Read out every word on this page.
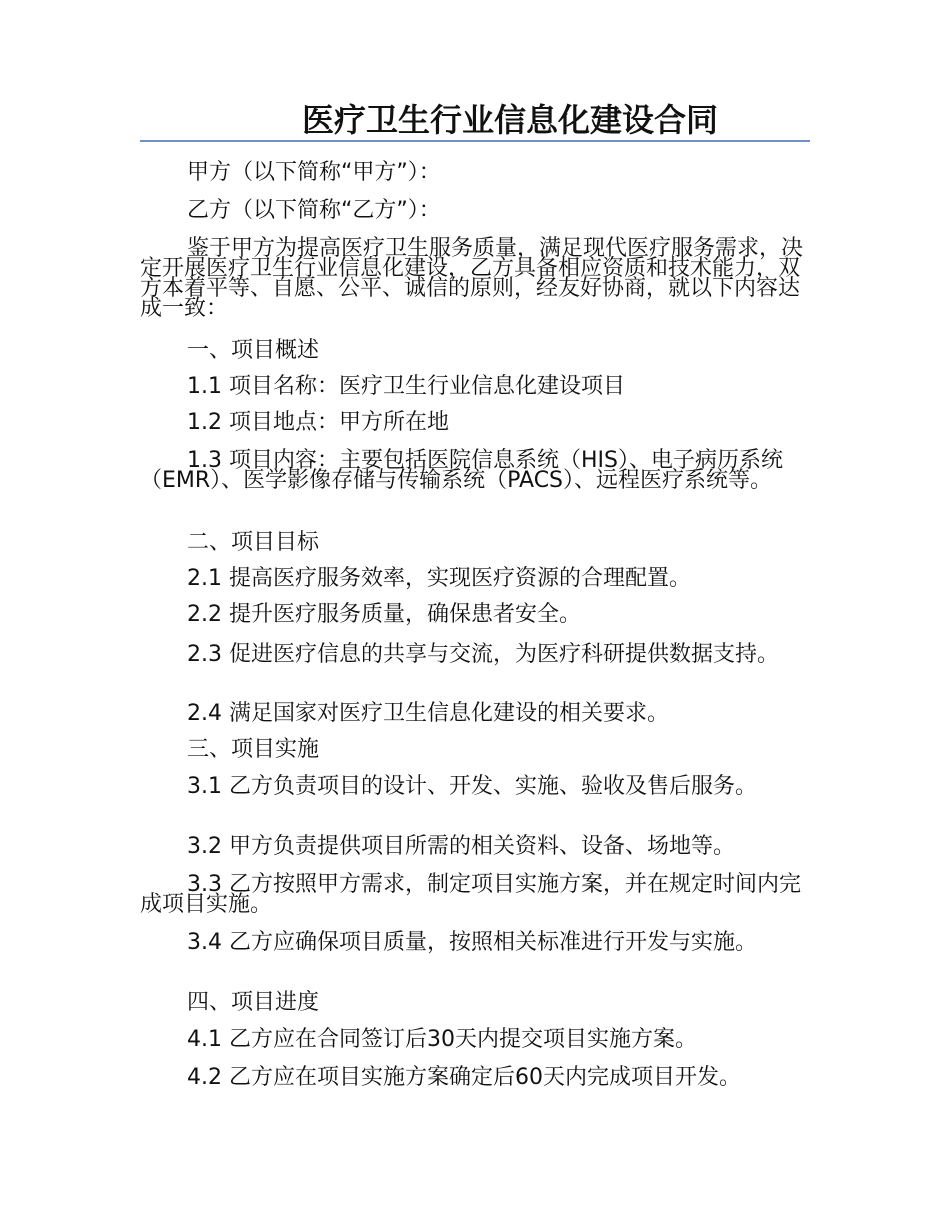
医疗卫生行业信息化建设合同

甲方（以下简称“甲方”）：

乙方（以下简称“乙方”）：

鉴于甲方为提高医疗卫生服务质量，满足现代医疗服务需求，决定开展医疗卫生行业信息化建设，乙方具备相应资质和技术能力，双方本着平等、自愿、公平、诚信的原则，经友好协商，就以下内容达成一致：

一、项目概述

1.1 项目名称：医疗卫生行业信息化建设项目

1.2 项目地点：甲方所在地

1.3 项目内容：主要包括医院信息系统（HIS）、电子病历系统（EMR）、医学影像存储与传输系统（PACS）、远程医疗系统等。

二、项目目标

2.1 提高医疗服务效率，实现医疗资源的合理配置。

2.2 提升医疗服务质量，确保患者安全。

2.3 促进医疗信息的共享与交流，为医疗科研提供数据支持。

2.4 满足国家对医疗卫生信息化建设的相关要求。

三、项目实施

3.1 乙方负责项目的设计、开发、实施、验收及售后服务。

3.2 甲方负责提供项目所需的相关资料、设备、场地等。

3.3 乙方按照甲方需求，制定项目实施方案，并在规定时间内完成项目实施。

3.4 乙方应确保项目质量，按照相关标准进行开发与实施。

四、项目进度

4.1 乙方应在合同签订后30天内提交项目实施方案。

4.2 乙方应在项目实施方案确定后60天内完成项目开发。
